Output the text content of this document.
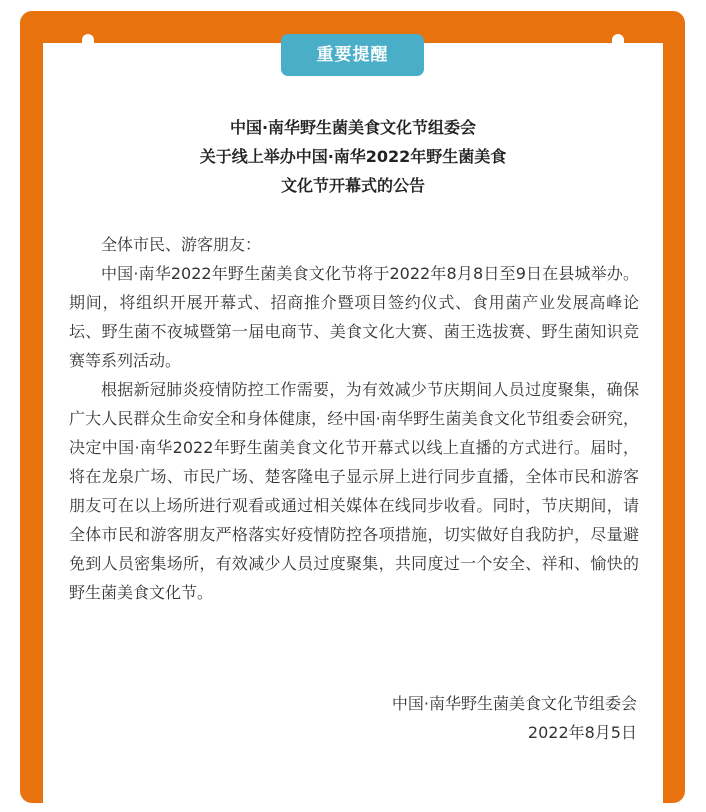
重要提醒
中国·南华野生菌美食文化节组委会
关于线上举办中国·南华2022年野生菌美食
文化节开幕式的公告
全体市民、游客朋友：
中国·南华2022年野生菌美食文化节将于2022年8月8日至9日在县城举办。期间，将组织开展开幕式、招商推介暨项目签约仪式、食用菌产业发展高峰论坛、野生菌不夜城暨第一届电商节、美食文化大赛、菌王选拔赛、野生菌知识竞赛等系列活动。
根据新冠肺炎疫情防控工作需要，为有效减少节庆期间人员过度聚集，确保广大人民群众生命安全和身体健康，经中国·南华野生菌美食文化节组委会研究，决定中国·南华2022年野生菌美食文化节开幕式以线上直播的方式进行。届时，将在龙泉广场、市民广场、楚客隆电子显示屏上进行同步直播，全体市民和游客朋友可在以上场所进行观看或通过相关媒体在线同步收看。同时，节庆期间，请全体市民和游客朋友严格落实好疫情防控各项措施，切实做好自我防护，尽量避免到人员密集场所，有效减少人员过度聚集，共同度过一个安全、祥和、愉快的野生菌美食文化节。
中国·南华野生菌美食文化节组委会
2022年8月5日
